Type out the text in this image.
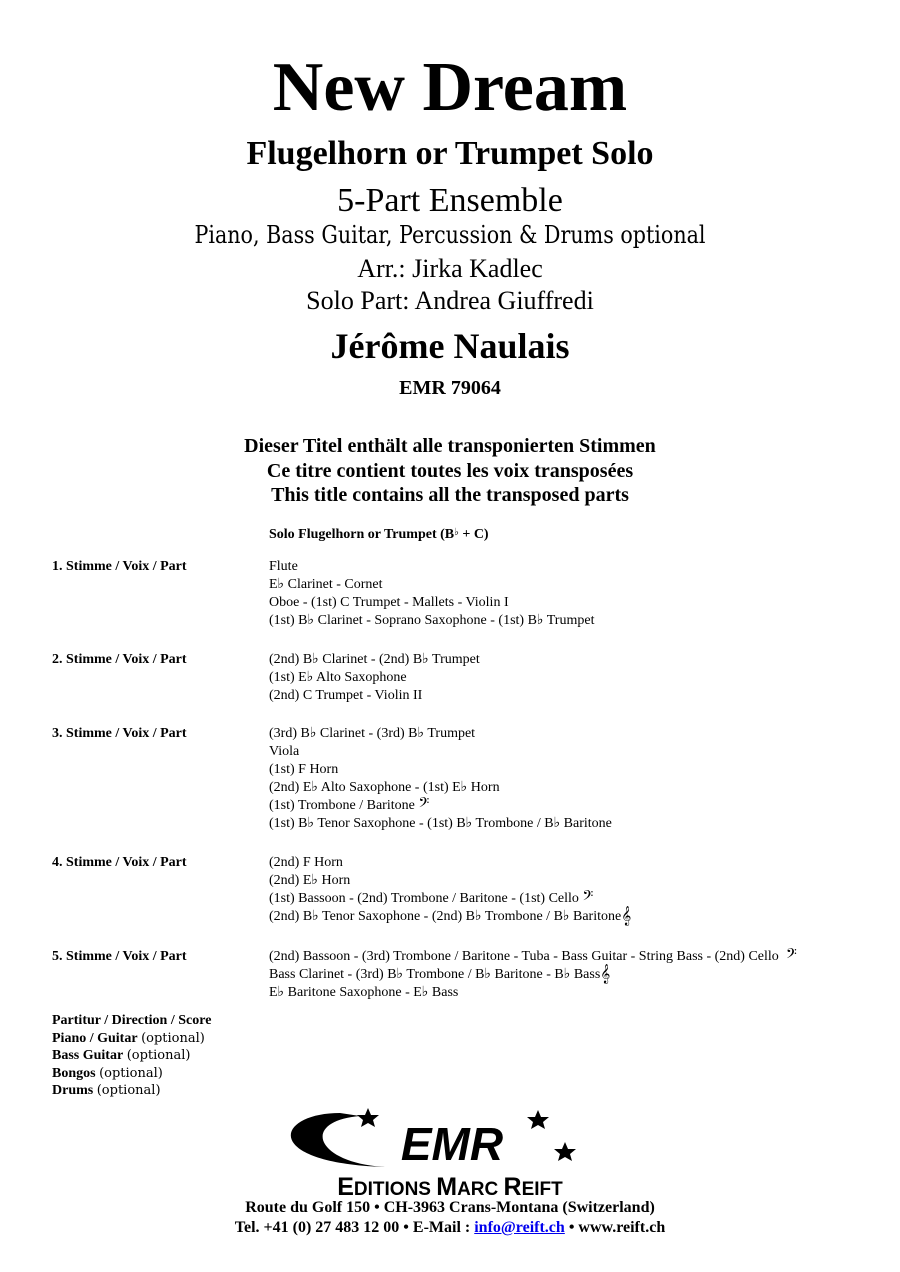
New Dream
Flugelhorn or Trumpet Solo
5-Part Ensemble
Piano, Bass Guitar, Percussion & Drums optional
Arr.: Jirka Kadlec
Solo Part: Andrea Giuffredi
Jérôme Naulais
EMR 79064
Dieser Titel enthält alle transponierten Stimmen
Ce titre contient toutes les voix transposées
This title contains all the transposed parts
Solo Flugelhorn or Trumpet (B♭ + C)
1. Stimme / Voix / Part	Flute
E♭ Clarinet - Cornet
Oboe - (1st) C Trumpet - Mallets - Violin I
(1st) B♭ Clarinet - Soprano Saxophone - (1st) B♭ Trumpet
2. Stimme / Voix / Part	(2nd) B♭ Clarinet - (2nd) B♭ Trumpet
(1st) E♭ Alto Saxophone
(2nd) C Trumpet - Violin II
3. Stimme / Voix / Part	(3rd) B♭ Clarinet - (3rd) B♭ Trumpet
Viola
(1st) F Horn
(2nd) E♭ Alto Saxophone - (1st) E♭ Horn
(1st) Trombone / Baritone 𝄢
(1st) B♭ Tenor Saxophone - (1st) B♭ Trombone / B♭ Baritone
4. Stimme / Voix / Part	(2nd) F Horn
(2nd) E♭ Horn
(1st) Bassoon - (2nd) Trombone / Baritone - (1st) Cello 𝄢
(2nd) B♭ Tenor Saxophone - (2nd) B♭ Trombone / B♭ Baritone𝄞
5. Stimme / Voix / Part	(2nd) Bassoon - (3rd) Trombone / Baritone - Tuba - Bass Guitar - String Bass - (2nd) Cello 𝄢
Bass Clarinet - (3rd) B♭ Trombone / B♭ Baritone - B♭ Bass𝄞
E♭ Baritone Saxophone - E♭ Bass
Partitur / Direction / Score
Piano / Guitar (optional)
Bass Guitar (optional)
Bongos (optional)
Drums (optional)
EMR
EDITIONS MARC REIFT
Route du Golf 150 • CH-3963 Crans-Montana (Switzerland)
Tel. +41 (0) 27 483 12 00 • E-Mail : info@reift.ch • www.reift.ch
